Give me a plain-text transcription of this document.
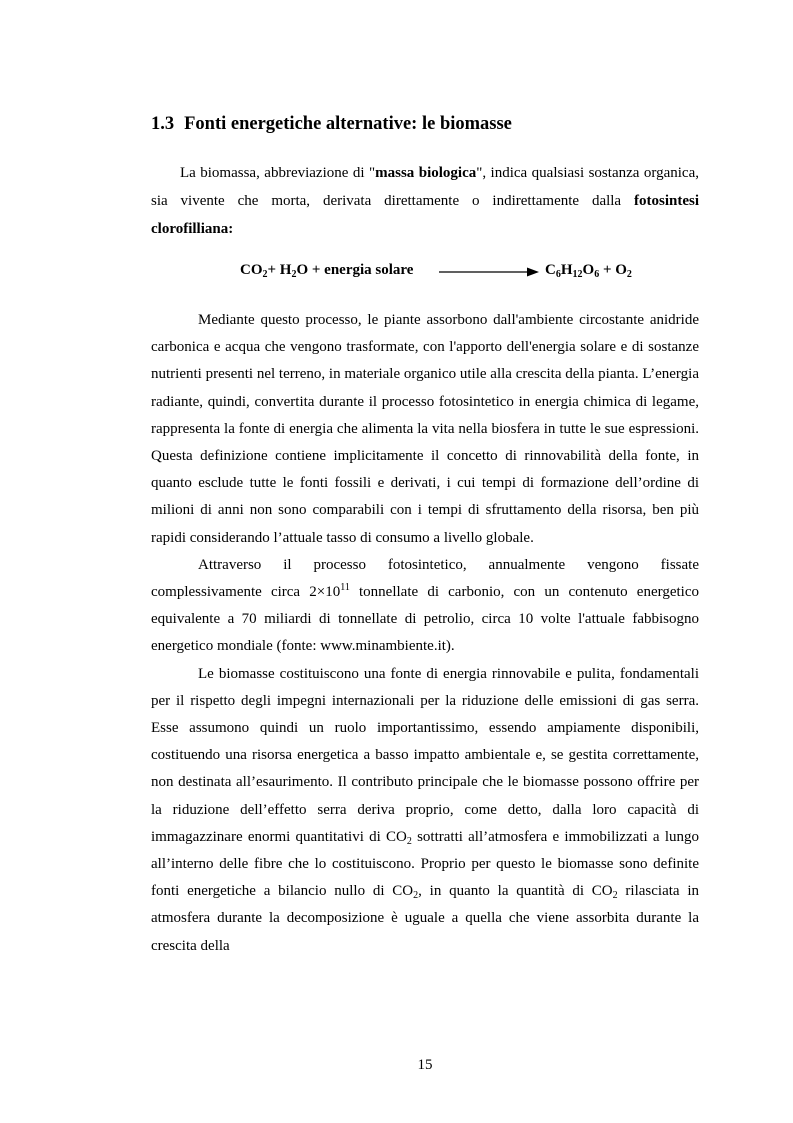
1.3 Fonti energetiche alternative: le biomasse

La biomassa, abbreviazione di "massa biologica", indica qualsiasi sostanza organica, sia vivente che morta, derivata direttamente o indirettamente dalla fotosintesi clorofilliana:

$CO_2+ H_2O$ + energia solare	$C_6H_{12}O_6 + O_2$

Mediante questo processo, le piante assorbono dall'ambiente circostante anidride carbonica e acqua che vengono trasformate, con l'apporto dell'energia solare e di sostanze nutrienti presenti nel terreno, in materiale organico utile alla crescita della pianta. L’energia radiante, quindi, convertita durante il processo fotosintetico in energia chimica di legame, rappresenta la fonte di energia che alimenta la vita nella biosfera in tutte le sue espressioni. Questa definizione contiene implicitamente il concetto di rinnovabilità della fonte, in quanto esclude tutte le fonti fossili e derivati, i cui tempi di formazione dell’ordine di milioni di anni non sono comparabili con i tempi di sfruttamento della risorsa, ben più rapidi considerando l’attuale tasso di consumo a livello globale.

Attraverso il processo fotosintetico, annualmente vengono fissate complessivamente circa $2\times 10^{11}$ tonnellate di carbonio, con un contenuto energetico equivalente a 70 miliardi di tonnellate di petrolio, circa 10 volte l'attuale fabbisogno energetico mondiale (fonte: www.minambiente.it).

Le biomasse costituiscono una fonte di energia rinnovabile e pulita, fondamentali per il rispetto degli impegni internazionali per la riduzione delle emissioni di gas serra. Esse assumono quindi un ruolo importantissimo, essendo ampiamente disponibili, costituendo una risorsa energetica a basso impatto ambientale e, se gestita correttamente, non destinata all’esaurimento. Il contributo principale che le biomasse possono offrire per la riduzione dell’effetto serra deriva proprio, come detto, dalla loro capacità di immagazzinare enormi quantitativi di $CO_2$ sottratti all’atmosfera e immobilizzati a lungo all’interno delle fibre che lo costituiscono. Proprio per questo le biomasse sono definite fonti energetiche a bilancio nullo di $CO_2$, in quanto la quantità di $CO_2$ rilasciata in atmosfera durante la decomposizione è uguale a quella che viene assorbita durante la crescita della

15
